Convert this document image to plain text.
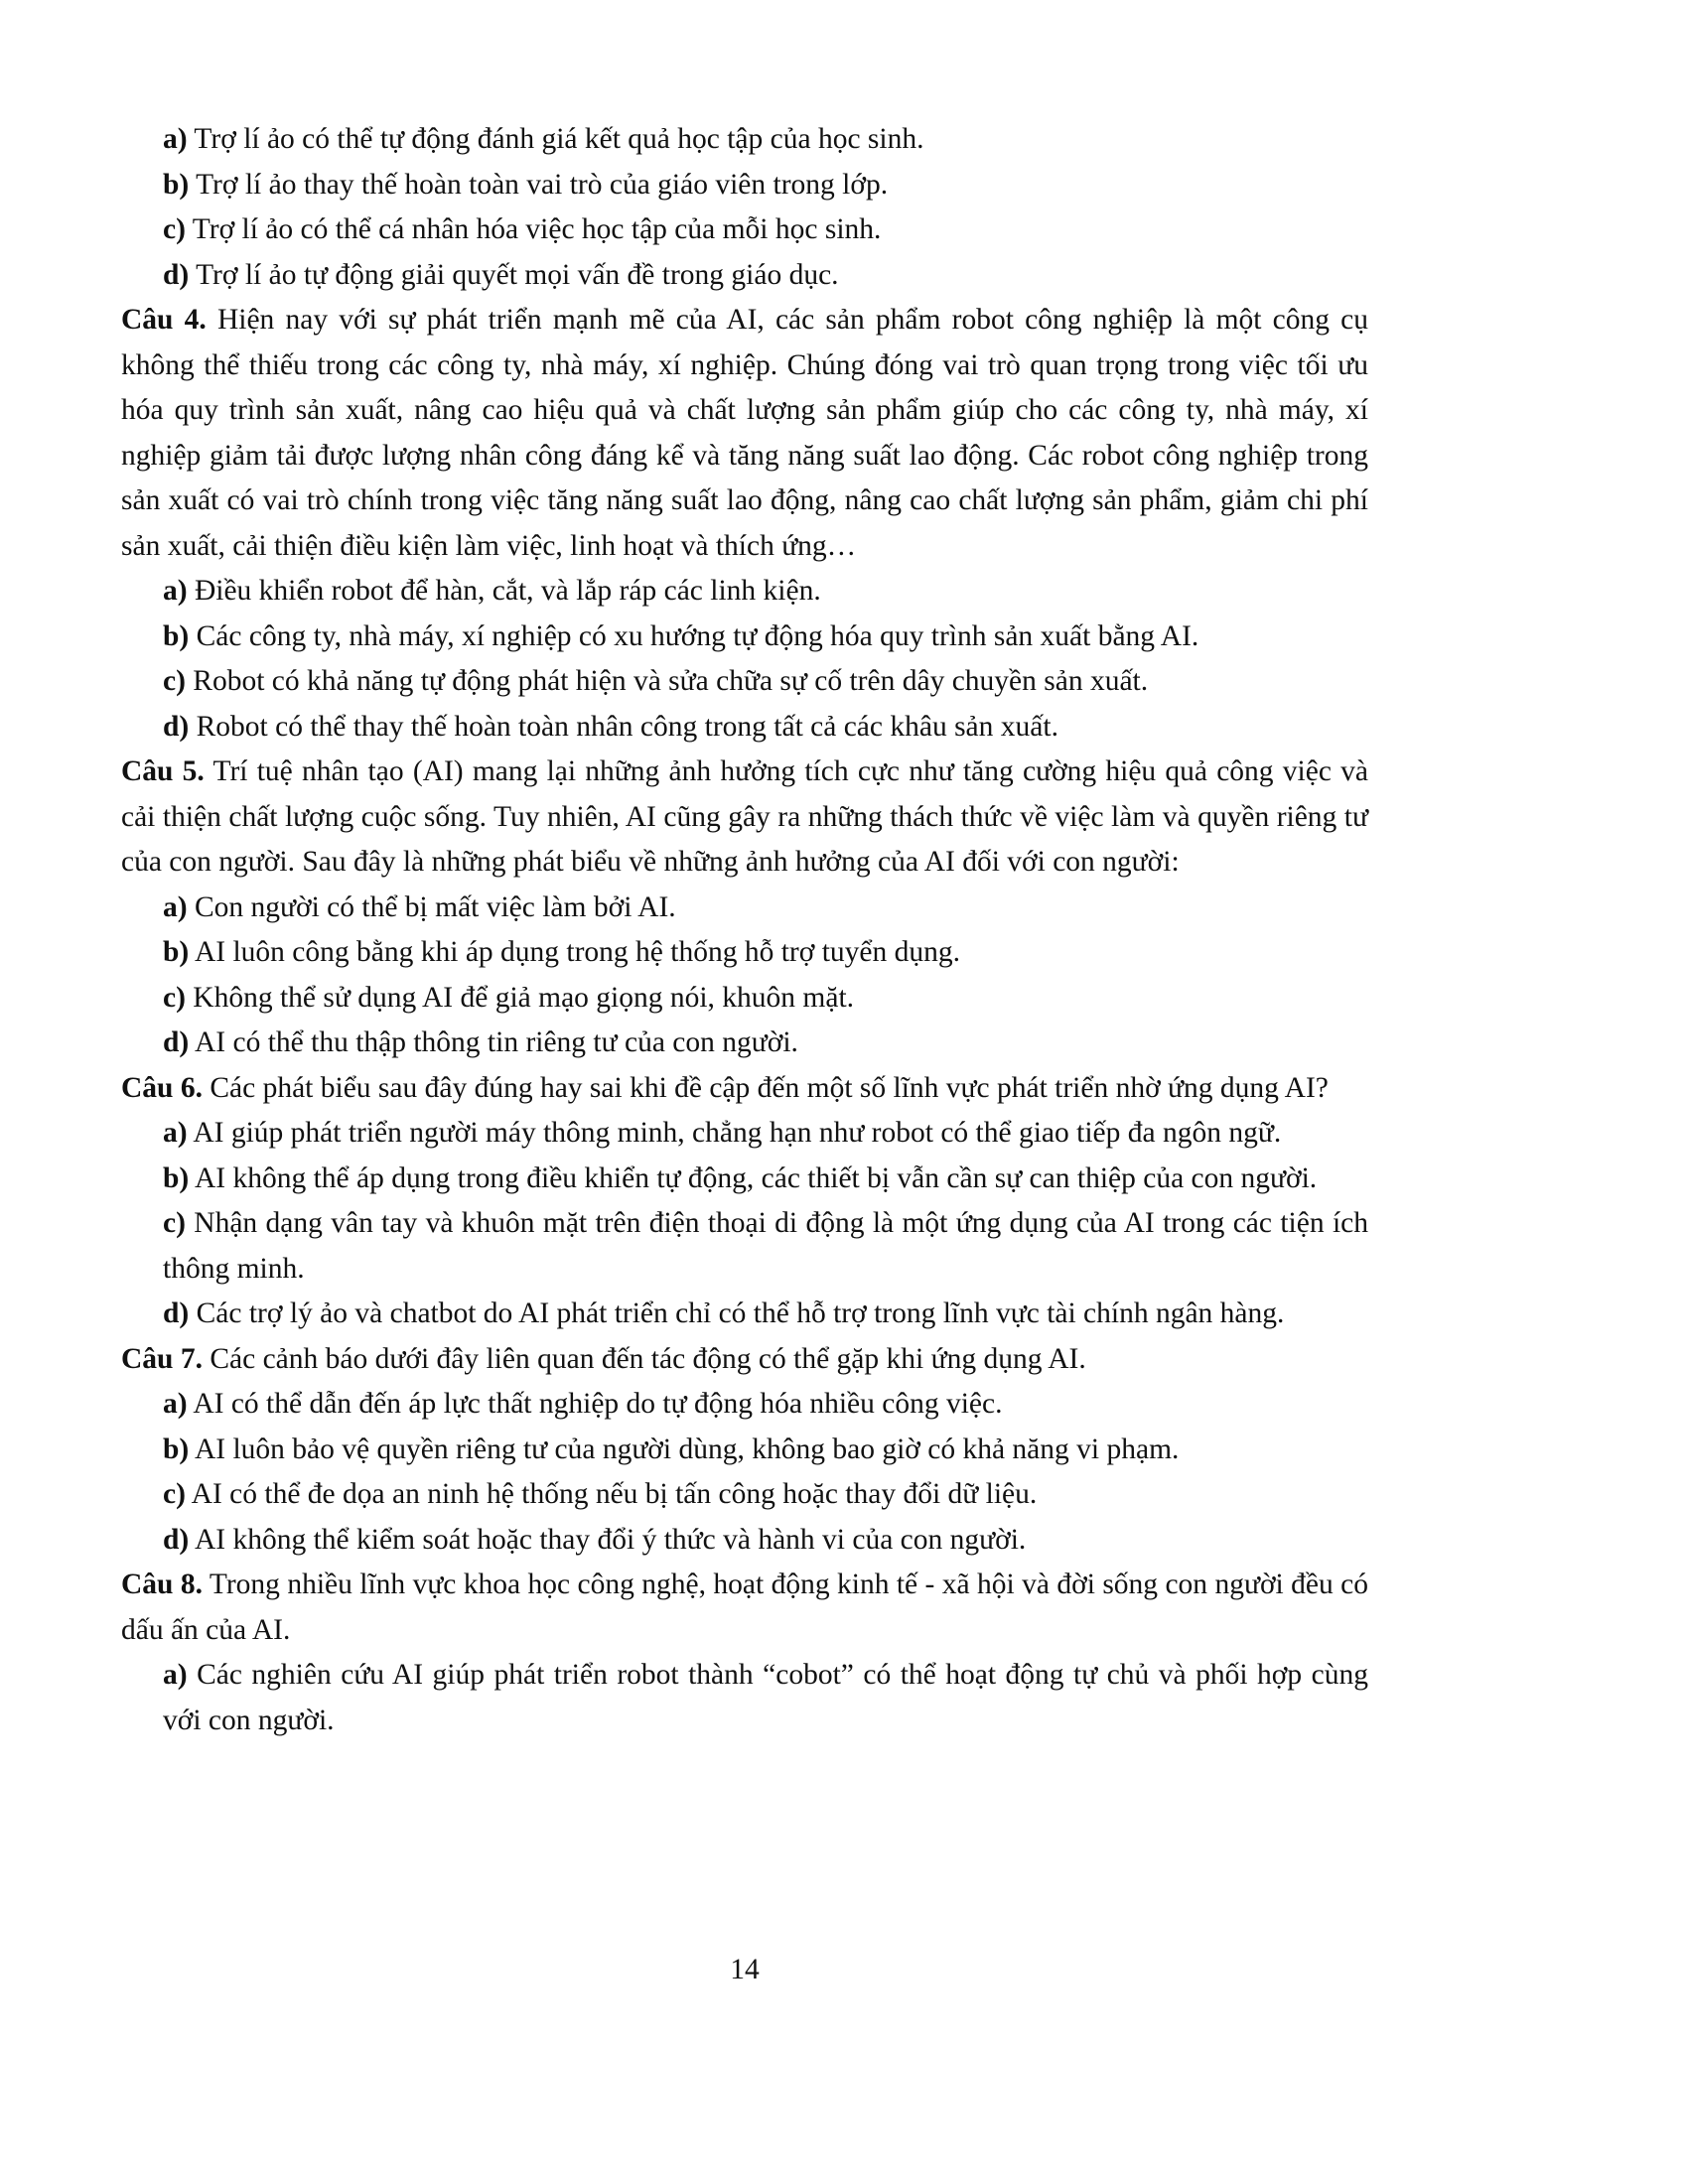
a) Trợ lí ảo có thể tự động đánh giá kết quả học tập của học sinh.

b) Trợ lí ảo thay thế hoàn toàn vai trò của giáo viên trong lớp.

c) Trợ lí ảo có thể cá nhân hóa việc học tập của mỗi học sinh.

d) Trợ lí ảo tự động giải quyết mọi vấn đề trong giáo dục.

Câu 4. Hiện nay với sự phát triển mạnh mẽ của AI, các sản phẩm robot công nghiệp là một công cụ không thể thiếu trong các công ty, nhà máy, xí nghiệp. Chúng đóng vai trò quan trọng trong việc tối ưu hóa quy trình sản xuất, nâng cao hiệu quả và chất lượng sản phẩm giúp cho các công ty, nhà máy, xí nghiệp giảm tải được lượng nhân công đáng kể và tăng năng suất lao động. Các robot công nghiệp trong sản xuất có vai trò chính trong việc tăng năng suất lao động, nâng cao chất lượng sản phẩm, giảm chi phí sản xuất, cải thiện điều kiện làm việc, linh hoạt và thích ứng…

a) Điều khiển robot để hàn, cắt, và lắp ráp các linh kiện.

b) Các công ty, nhà máy, xí nghiệp có xu hướng tự động hóa quy trình sản xuất bằng AI.

c) Robot có khả năng tự động phát hiện và sửa chữa sự cố trên dây chuyền sản xuất.

d) Robot có thể thay thế hoàn toàn nhân công trong tất cả các khâu sản xuất.

Câu 5. Trí tuệ nhân tạo (AI) mang lại những ảnh hưởng tích cực như tăng cường hiệu quả công việc và cải thiện chất lượng cuộc sống. Tuy nhiên, AI cũng gây ra những thách thức về việc làm và quyền riêng tư của con người. Sau đây là những phát biểu về những ảnh hưởng của AI đối với con người:

a) Con người có thể bị mất việc làm bởi AI.

b) AI luôn công bằng khi áp dụng trong hệ thống hỗ trợ tuyển dụng.

c) Không thể sử dụng AI để giả mạo giọng nói, khuôn mặt.

d) AI có thể thu thập thông tin riêng tư của con người.

Câu 6. Các phát biểu sau đây đúng hay sai khi đề cập đến một số lĩnh vực phát triển nhờ ứng dụng AI?

a) AI giúp phát triển người máy thông minh, chẳng hạn như robot có thể giao tiếp đa ngôn ngữ.

b) AI không thể áp dụng trong điều khiển tự động, các thiết bị vẫn cần sự can thiệp của con người.

c) Nhận dạng vân tay và khuôn mặt trên điện thoại di động là một ứng dụng của AI trong các tiện ích thông minh.

d) Các trợ lý ảo và chatbot do AI phát triển chỉ có thể hỗ trợ trong lĩnh vực tài chính ngân hàng.

Câu 7. Các cảnh báo dưới đây liên quan đến tác động có thể gặp khi ứng dụng AI.

a) AI có thể dẫn đến áp lực thất nghiệp do tự động hóa nhiều công việc.

b) AI luôn bảo vệ quyền riêng tư của người dùng, không bao giờ có khả năng vi phạm.

c) AI có thể đe dọa an ninh hệ thống nếu bị tấn công hoặc thay đổi dữ liệu.

d) AI không thể kiểm soát hoặc thay đổi ý thức và hành vi của con người.

Câu 8. Trong nhiều lĩnh vực khoa học công nghệ, hoạt động kinh tế - xã hội và đời sống con người đều có dấu ấn của AI.

a) Các nghiên cứu AI giúp phát triển robot thành “cobot” có thể hoạt động tự chủ và phối hợp cùng với con người.

14
